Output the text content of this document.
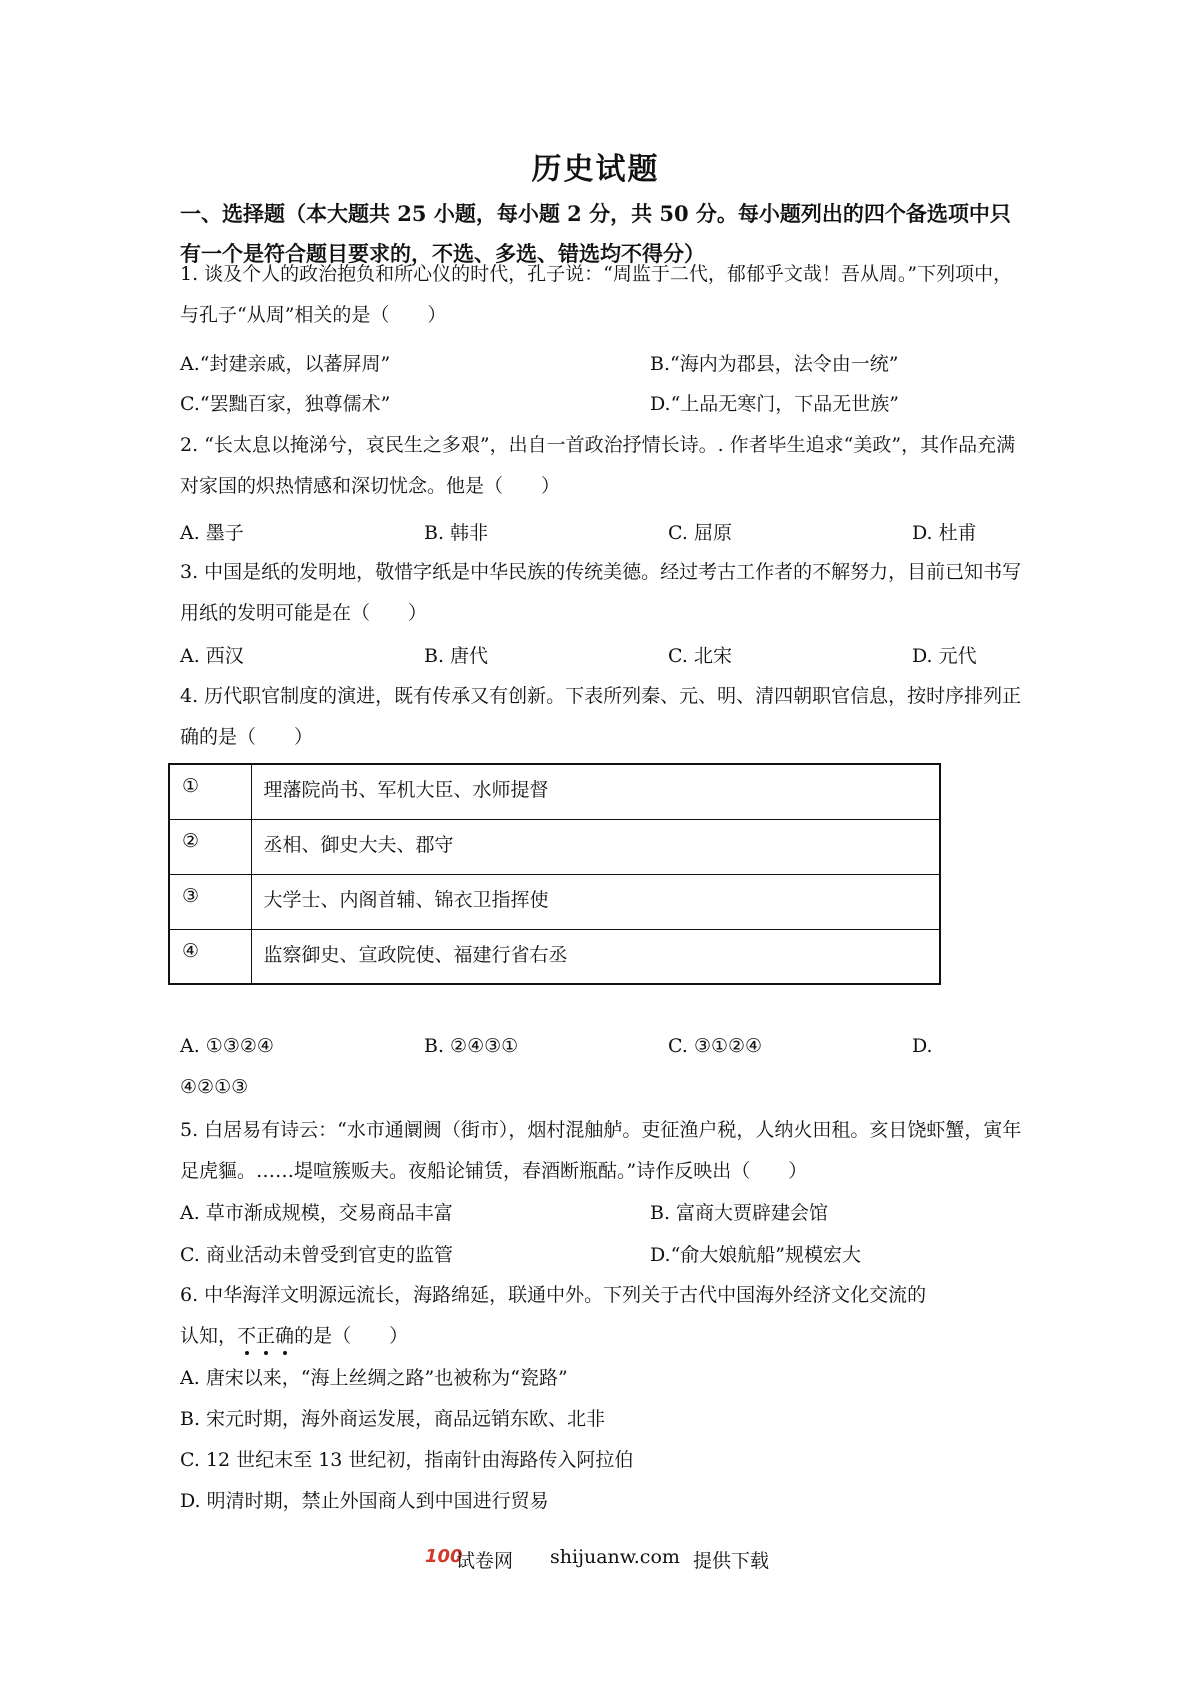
历史试题
一、选择题（本大题共 25 小题，每小题 2 分，共 50 分。每小题列出的四个备选项中只有一个是符合题目要求的，不选、多选、错选均不得分）
1. 谈及个人的政治抱负和所心仪的时代，孔子说：“周监于二代，郁郁乎文哉！吾从周。”下列项中，与孔子“从周”相关的是（　　）
A.“封建亲戚，以蕃屏周”	B.“海内为郡县，法令由一统”
C.“罢黜百家，独尊儒术”	D.“上品无寒门，下品无世族”
2. “长太息以掩涕兮，哀民生之多艰”，出自一首政治抒情长诗。. 作者毕生追求“美政”，其作品充满对家国的炽热情感和深切忧念。他是（　　）
A. 墨子	B. 韩非	C. 屈原	D. 杜甫
3. 中国是纸的发明地，敬惜字纸是中华民族的传统美德。经过考古工作者的不解努力，目前已知书写用纸的发明可能是在（　　）
A. 西汉	B. 唐代	C. 北宋	D. 元代
4. 历代职官制度的演进，既有传承又有创新。下表所列秦、元、明、清四朝职官信息，按时序排列正确的是（　　）
①	理藩院尚书、军机大臣、水师提督
②	丞相、御史大夫、郡守
③	大学士、内阁首辅、锦衣卫指挥使
④	监察御史、宣政院使、福建行省右丞
A. ①③②④	B. ②④③①	C. ③①②④	D.
④②①③
5. 白居易有诗云：“水市通阛阓（街市），烟村混舳舻。吏征渔户税，人纳火田租。亥日饶虾蟹，寅年足虎貙。……堤喧簇贩夫。夜船论铺赁，春酒断瓶酤。”诗作反映出（　　）
A. 草市渐成规模，交易商品丰富	B. 富商大贾辟建会馆
C. 商业活动未曾受到官吏的监管	D.“俞大娘航船”规模宏大
6. 中华海洋文明源远流长，海路绵延，联通中外。下列关于古代中国海外经济文化交流的
认知，不正确的是（　　）
A. 唐宋以来，“海上丝绸之路”也被称为“瓷路”
B. 宋元时期，海外商运发展，商品远销东欧、北非
C. 12 世纪末至 13 世纪初，指南针由海路传入阿拉伯
D. 明清时期，禁止外国商人到中国进行贸易
100
试卷网 shijuanw.com 提供下载
